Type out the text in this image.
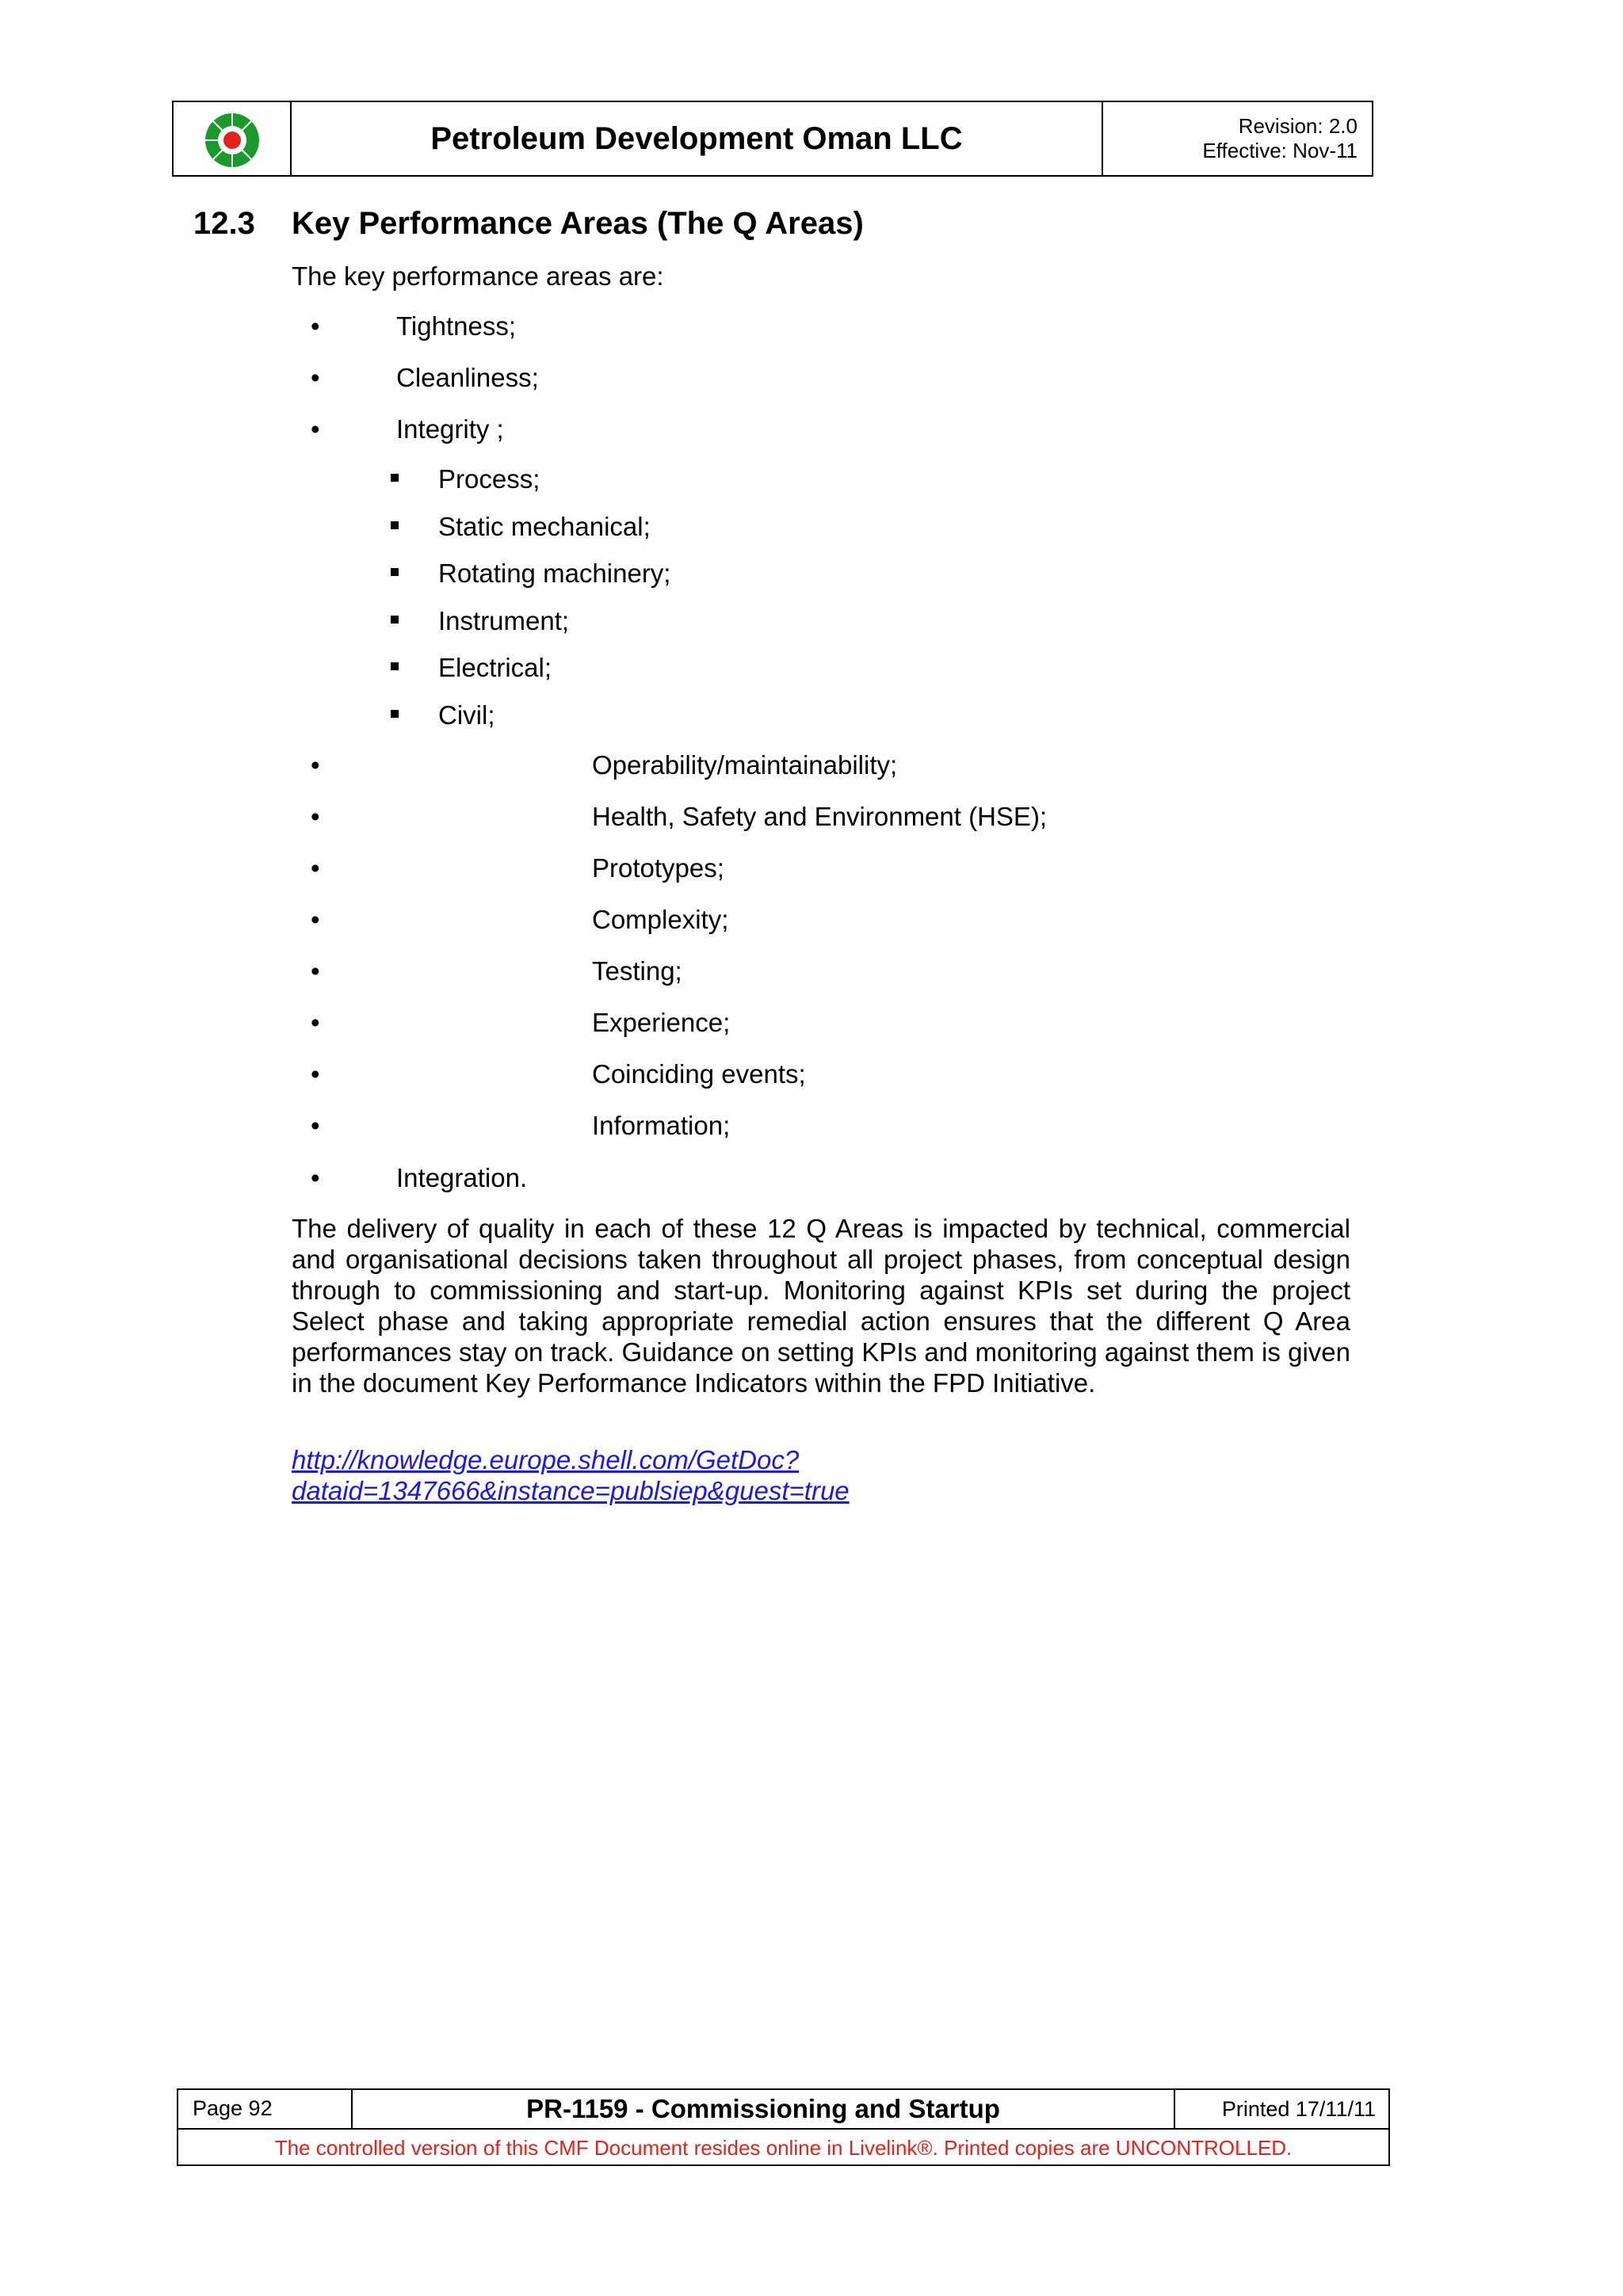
Petroleum Development Oman LLC	Revision: 2.0
Effective: Nov-11
12.3	Key Performance Areas (The Q Areas)
The key performance areas are:
•	Tightness;
•	Cleanliness;
•	Integrity ;
Process;
Static mechanical;
Rotating machinery;
Instrument;
Electrical;
Civil;
•	Operability/maintainability;
•	Health, Safety and Environment (HSE);
•	Prototypes;
•	Complexity;
•	Testing;
•	Experience;
•	Coinciding events;
•	Information;
•	Integration.
The delivery of quality in each of these 12 Q Areas is impacted by technical, commercial and organisational decisions taken throughout all project phases, from conceptual design through to commissioning and start-up. Monitoring against KPIs set during the project Select phase and taking appropriate remedial action ensures that the different Q Area performances stay on track. Guidance on setting KPIs and monitoring against them is given in the document Key Performance Indicators within the FPD Initiative.
http://knowledge.europe.shell.com/GetDoc?
dataid=1347666&instance=publsiep&guest=true
Page 92	PR-1159 - Commissioning and Startup	Printed 17/11/11
The controlled version of this CMF Document resides online in Livelink®. Printed copies are UNCONTROLLED.
